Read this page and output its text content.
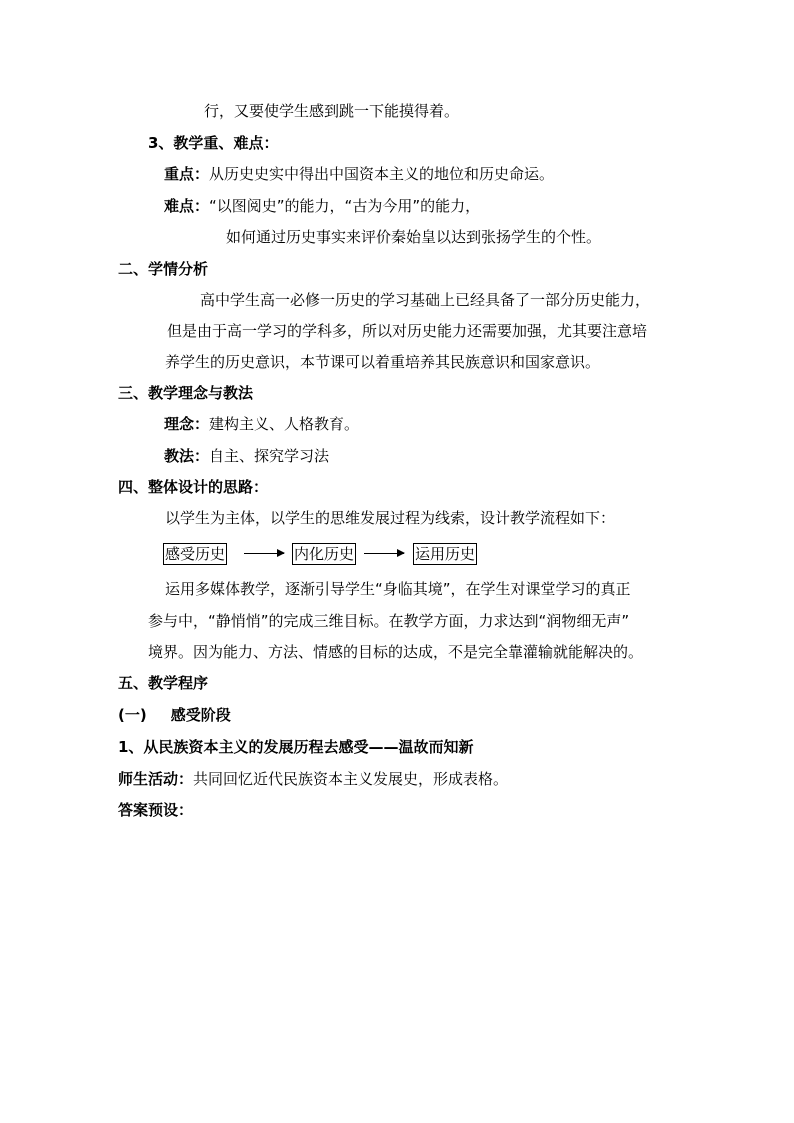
行，又要使学生感到跳一下能摸得着。
3、教学重、难点：
重点：从历史史实中得出中国资本主义的地位和历史命运。
难点：“以图阅史”的能力，“古为今用”的能力，
如何通过历史事实来评价秦始皇以达到张扬学生的个性。
二、学情分析
高中学生高一必修一历史的学习基础上已经具备了一部分历史能力，
但是由于高一学习的学科多，所以对历史能力还需要加强，尤其要注意培
养学生的历史意识，本节课可以着重培养其民族意识和国家意识。
三、教学理念与教法
理念：建构主义、人格教育。
教法：自主、探究学习法
四、整体设计的思路：
以学生为主体，以学生的思维发展过程为线索，设计教学流程如下：
感受历史	内化历史	运用历史
运用多媒体教学，逐渐引导学生“身临其境”，在学生对课堂学习的真正
参与中，“静悄悄”的完成三维目标。在教学方面，力求达到“润物细无声”
境界。因为能力、方法、情感的目标的达成，不是完全靠灌输就能解决的。
五、教学程序
(一) 感受阶段
1、从民族资本主义的发展历程去感受——温故而知新
师生活动：共同回忆近代民族资本主义发展史，形成表格。
答案预设：
